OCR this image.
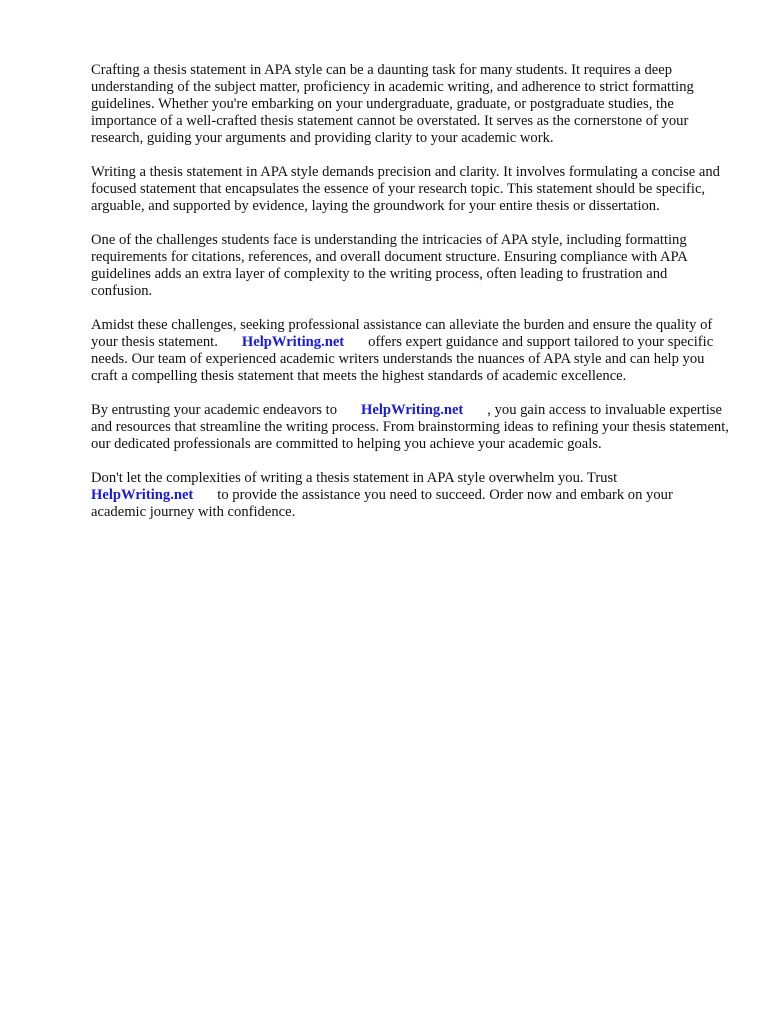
Crafting a thesis statement in APA style can be a daunting task for many students. It requires a deep understanding of the subject matter, proficiency in academic writing, and adherence to strict formatting guidelines. Whether you're embarking on your undergraduate, graduate, or postgraduate studies, the importance of a well-crafted thesis statement cannot be overstated. It serves as the cornerstone of your research, guiding your arguments and providing clarity to your academic work.

Writing a thesis statement in APA style demands precision and clarity. It involves formulating a concise and focused statement that encapsulates the essence of your research topic. This statement should be specific, arguable, and supported by evidence, laying the groundwork for your entire thesis or dissertation.

One of the challenges students face is understanding the intricacies of APA style, including formatting requirements for citations, references, and overall document structure. Ensuring compliance with APA guidelines adds an extra layer of complexity to the writing process, often leading to frustration and confusion.

Amidst these challenges, seeking professional assistance can alleviate the burden and ensure the quality of your thesis statement. HelpWriting.net offers expert guidance and support tailored to your specific needs. Our team of experienced academic writers understands the nuances of APA style and can help you craft a compelling thesis statement that meets the highest standards of academic excellence.

By entrusting your academic endeavors to HelpWriting.net , you gain access to invaluable expertise and resources that streamline the writing process. From brainstorming ideas to refining your thesis statement, our dedicated professionals are committed to helping you achieve your academic goals.

Don't let the complexities of writing a thesis statement in APA style overwhelm you. Trust HelpWriting.net to provide the assistance you need to succeed. Order now and embark on your academic journey with confidence.
